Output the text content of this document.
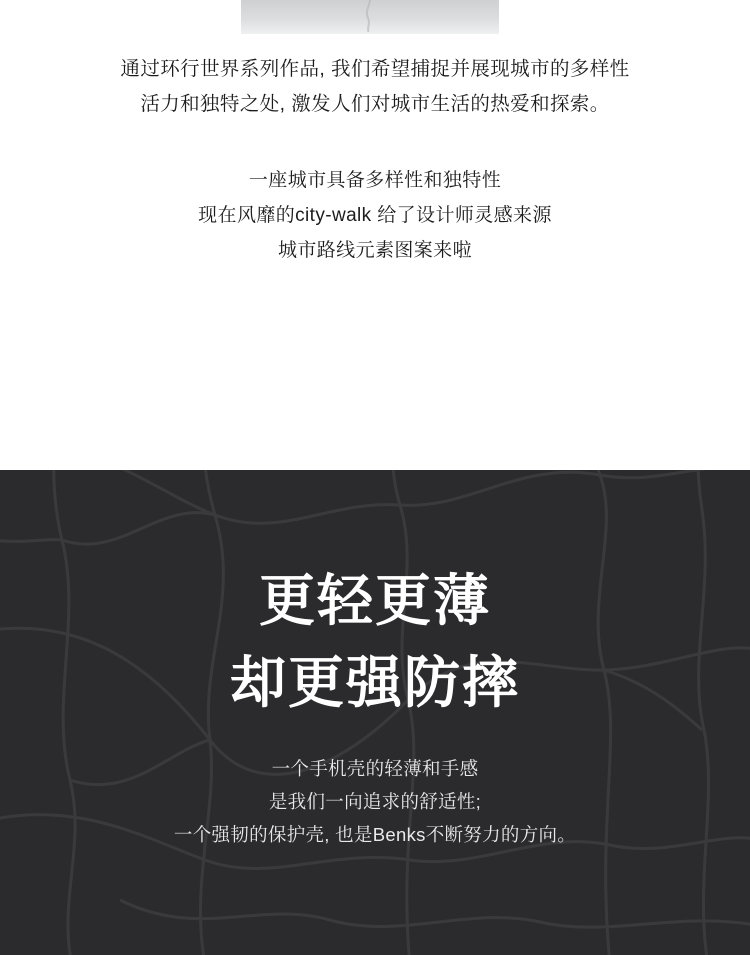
通过环行世界系列作品, 我们希望捕捉并展现城市的多样性
活力和独特之处, 激发人们对城市生活的热爱和探索。
一座城市具备多样性和独特性
现在风靡的city-walk 给了设计师灵感来源
城市路线元素图案来啦
更轻更薄
却更强防摔
一个手机壳的轻薄和手感
是我们一向追求的舒适性;
一个强韧的保护壳, 也是Benks不断努力的方向。
